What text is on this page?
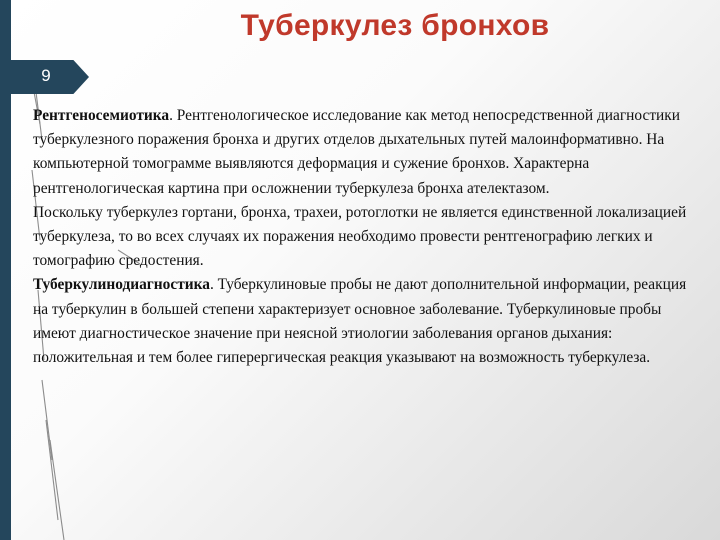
9
Туберкулез бронхов

Рентгеносемиотика. Рентгенологическое исследование как метод непосредственной диагностики туберкулезного поражения бронха и других отделов дыхательных путей малоинформативно. На компьютерной томограмме выявляются деформация и сужение бронхов. Характерна рентгенологическая картина при осложнении туберкулеза бронха ателектазом.

Поскольку туберкулез гортани, бронха, трахеи, ротоглотки не является единственной локализацией туберкулеза, то во всех случаях их поражения необходимо провести рентгенографию легких и томографию средостения.

Туберкулинодиагностика. Туберкулиновые пробы не дают дополнительной информации, реакция на туберкулин в большей степени характеризует основное заболевание. Туберкулиновые пробы имеют диагностическое значение при неясной этиологии заболевания органов дыхания: положительная и тем более гиперергическая реакция указывают на возможность туберкулеза.
